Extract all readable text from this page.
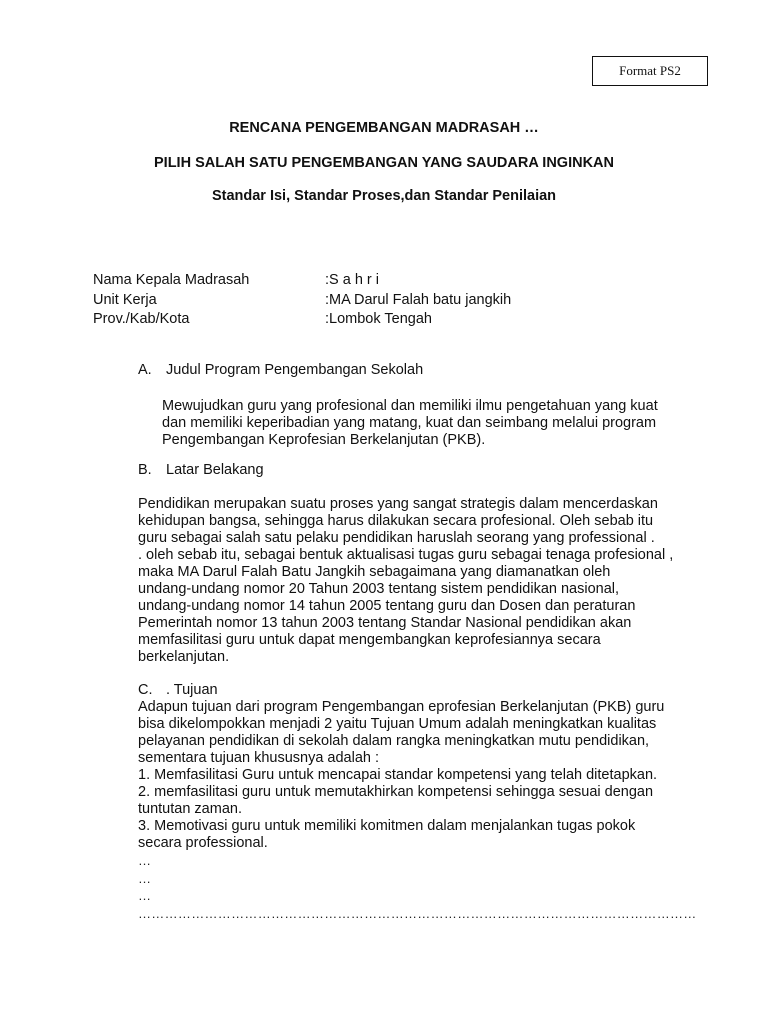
Format PS2
RENCANA PENGEMBANGAN MADRASAH …
PILIH SALAH SATU PENGEMBANGAN YANG SAUDARA INGINKAN
Standar Isi, Standar Proses,dan Standar Penilaian
Nama Kepala Madrasah	:S a h r i
Unit Kerja	:MA Darul Falah batu jangkih
Prov./Kab/Kota	:Lombok Tengah
A. Judul Program Pengembangan Sekolah
Mewujudkan guru yang profesional dan memiliki ilmu pengetahuan yang kuat
dan memiliki keperibadian yang matang, kuat dan seimbang melalui program
Pengembangan Keprofesian Berkelanjutan (PKB).
B. Latar Belakang
Pendidikan merupakan suatu proses yang sangat strategis dalam mencerdaskan
kehidupan bangsa, sehingga harus dilakukan secara profesional. Oleh sebab itu
guru sebagai salah satu pelaku pendidikan haruslah seorang yang professional .
. oleh sebab itu, sebagai bentuk aktualisasi tugas guru sebagai tenaga profesional ,
maka MA Darul Falah Batu Jangkih sebagaimana yang diamanatkan oleh
undang-undang nomor 20 Tahun 2003 tentang sistem pendidikan nasional,
undang-undang nomor 14 tahun 2005 tentang guru dan Dosen dan peraturan
Pemerintah nomor 13 tahun 2003 tentang Standar Nasional pendidikan akan
memfasilitasi guru untuk dapat mengembangkan keprofesiannya secara
berkelanjutan.
C. . Tujuan
Adapun tujuan dari program Pengembangan eprofesian Berkelanjutan (PKB) guru
bisa dikelompokkan menjadi 2 yaitu Tujuan Umum adalah meningkatkan kualitas
pelayanan pendidikan di sekolah dalam rangka meningkatkan mutu pendidikan,
sementara tujuan khususnya adalah :
1. Memfasilitasi Guru untuk mencapai standar kompetensi yang telah ditetapkan.
2. memfasilitasi guru untuk memutakhirkan kompetensi sehingga sesuai dengan
tuntutan zaman.
3. Memotivasi guru untuk memiliki komitmen dalam menjalankan tugas pokok
secara professional.
…
…
…
………………………………………………………………………………………………………………
